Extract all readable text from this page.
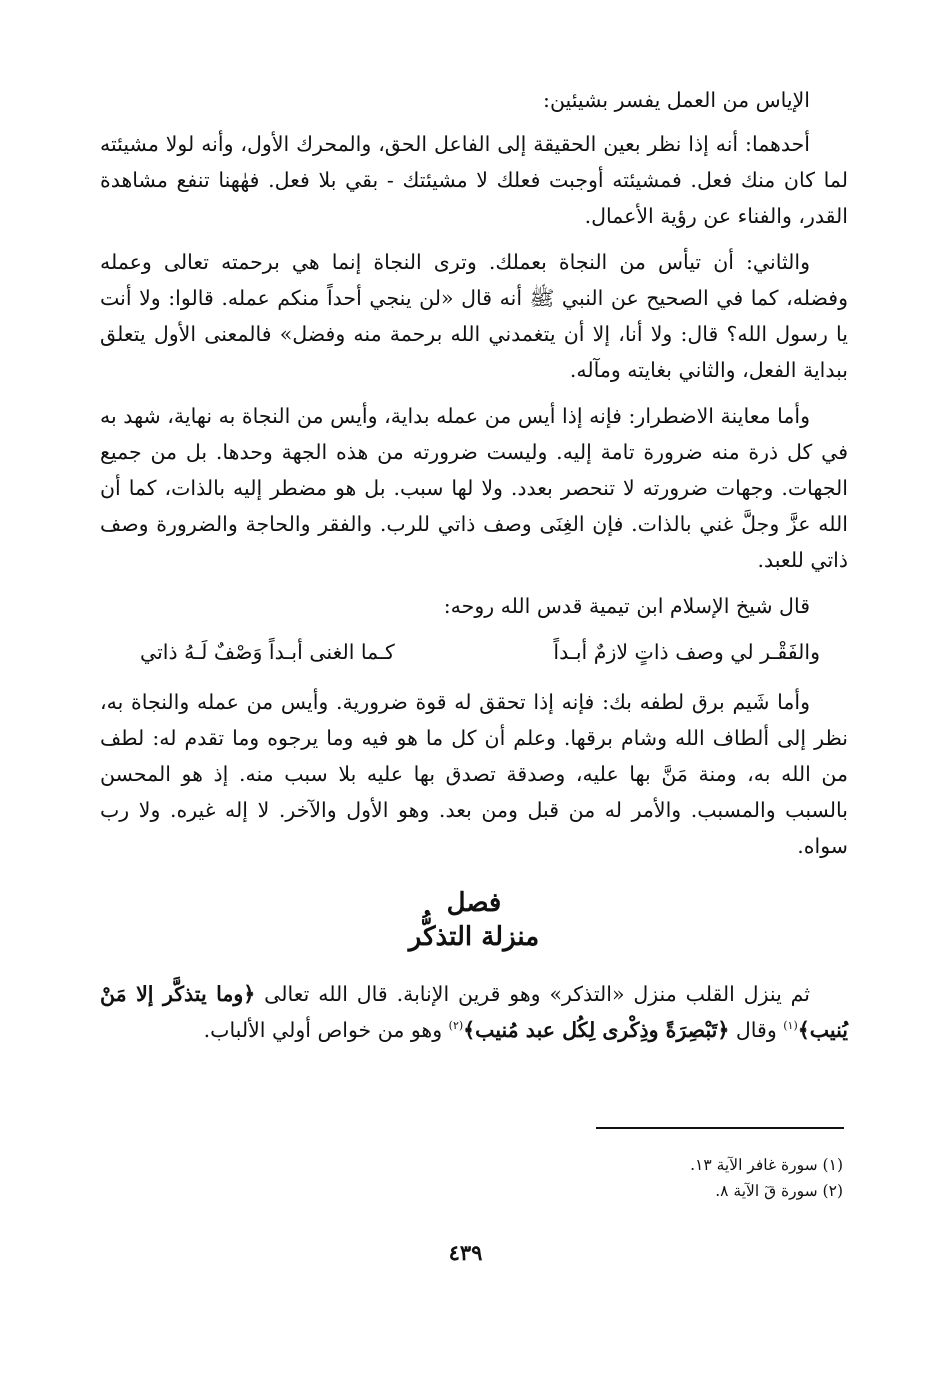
الإياس من العمل يفسر بشيئين:

أحدهما: أنه إذا نظر بعين الحقيقة إلى الفاعل الحق، والمحرك الأول، وأنه لولا مشيئته لما كان منك فعل. فمشيئته أوجبت فعلك لا مشيئتك - بقي بلا فعل. فهٰهنا تنفع مشاهدة القدر، والفناء عن رؤية الأعمال.

والثاني: أن تيأس من النجاة بعملك. وترى النجاة إنما هي برحمته تعالى وعمله وفضله، كما في الصحيح عن النبي ﷺ أنه قال «لن ينجي أحداً منكم عمله. قالوا: ولا أنت يا رسول الله؟ قال: ولا أنا، إلا أن يتغمدني الله برحمة منه وفضل» فالمعنى الأول يتعلق ببداية الفعل، والثاني بغايته ومآله.

وأما معاينة الاضطرار: فإنه إذا أيس من عمله بداية، وأيس من النجاة به نهاية، شهد به في كل ذرة منه ضرورة تامة إليه. وليست ضرورته من هذه الجهة وحدها. بل من جميع الجهات. وجهات ضرورته لا تنحصر بعدد. ولا لها سبب. بل هو مضطر إليه بالذات، كما أن الله عزَّ وجلَّ غني بالذات. فإن الغِنَى وصف ذاتي للرب. والفقر والحاجة والضرورة وصف ذاتي للعبد.

قال شيخ الإسلام ابن تيمية قدس الله روحه:

والفَقْـر لي وصف ذاتٍ لازمٌ أبـداً
كـما الغنى أبـداً وَصْفٌ لَـهُ ذاتي

وأما شَيم برق لطفه بك: فإنه إذا تحقق له قوة ضرورية. وأيس من عمله والنجاة به، نظر إلى ألطاف الله وشام برقها. وعلم أن كل ما هو فيه وما يرجوه وما تقدم له: لطف من الله به، ومنة مَنَّ بها عليه، وصدقة تصدق بها عليه بلا سبب منه. إذ هو المحسن بالسبب والمسبب. والأمر له من قبل ومن بعد. وهو الأول والآخر. لا إله غيره. ولا رب سواه.

فصل
منزلة التذكُّر

ثم ينزل القلب منزل «التذكر» وهو قرين الإنابة. قال الله تعالى ﴿وما يتذكَّر إلا مَنْ يُنيب﴾$^{(١)}$ وقال ﴿تَبْصِرَةً وذِكْرى لِكُل عبد مُنيب﴾$^{(٢)}$ وهو من خواص أولي الألباب.

(١) سورة غافر الآية ١٣.
(٢) سورة قٓ الآية ٨.
٤٣٩
